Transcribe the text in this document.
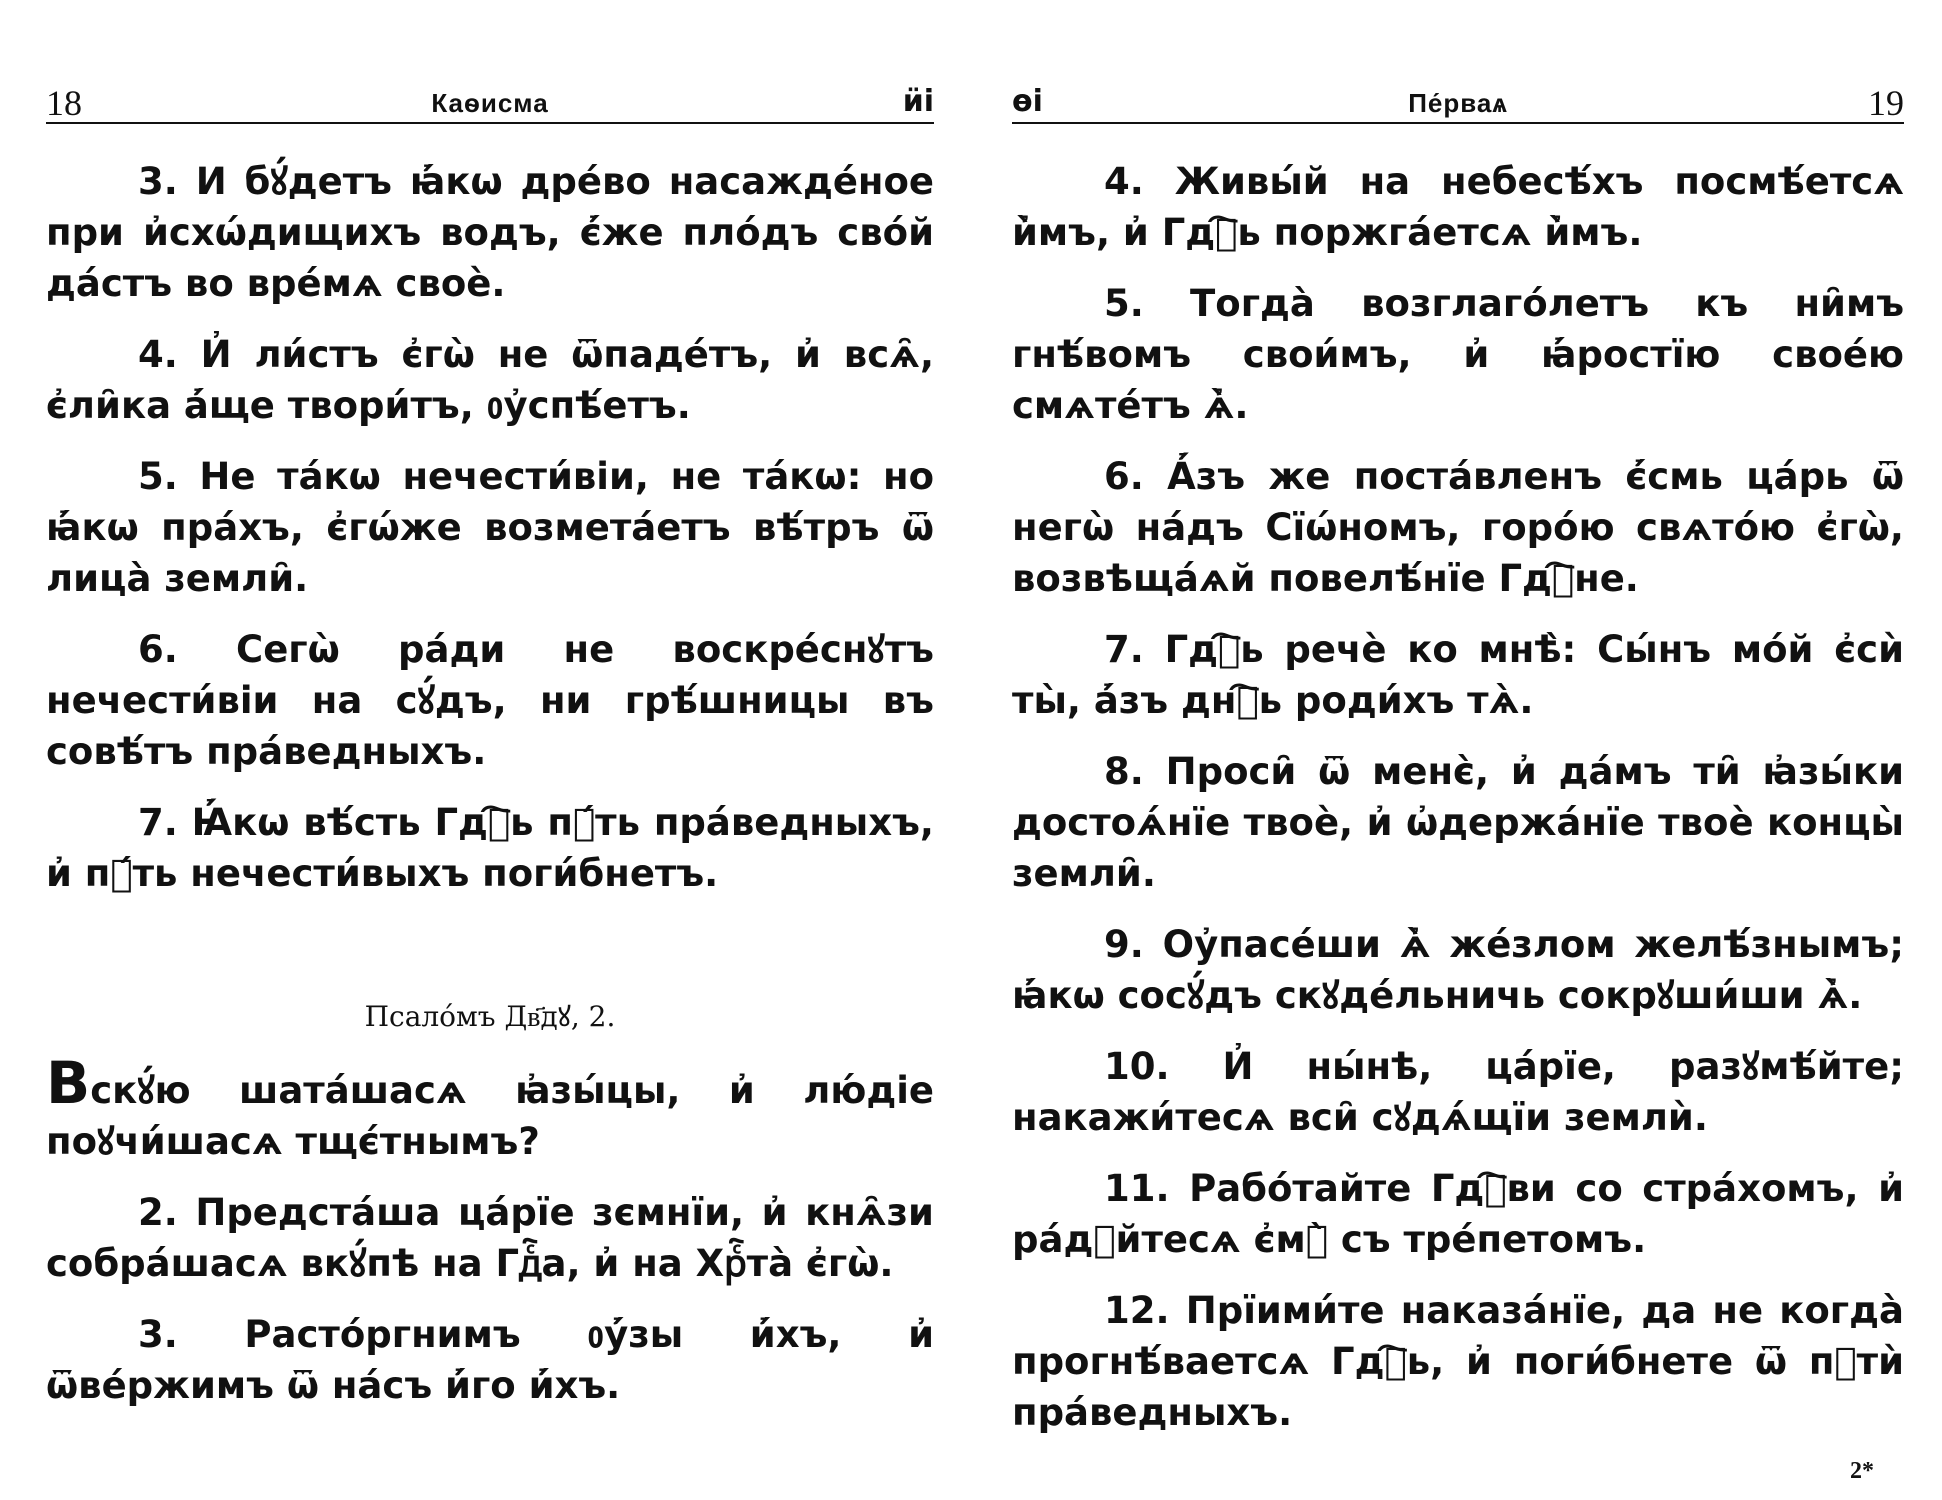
18	Каѳисма	ӥі

3. И бꙋ́детъ ꙗ҆́кѡ дре́во насажде́ное при и҆схѡ́дищихъ водъ, є҆́же пло́дъ сво́й да́стъ во вре́мѧ своѐ.

4. И҆ ли́стъ є҆гѡ̀ не ѿпаде́тъ, и҆ всѧ̑, є҆ли̑ка а҆́ще твори́тъ, ᲂу҆спѣ́етъ.

5. Не та́кѡ нечести́віи, не та́кѡ: но ꙗ҆́кѡ пра́хъ, є҆гѡ́же возмета́етъ вѣ́тръ ѿ лица̀ земли̑.

6. Сегѡ̀ ра́ди не воскре́снꙋтъ нечести́віи на сꙋ́дъ, ни грѣ́шницы въ совѣ́тъ пра́ведныхъ.

7. Ꙗ҆́кѡ вѣ́сть Гдⷭ҇ь пꙋ́ть пра́ведныхъ, и҆ пꙋ́ть нечести́выхъ поги́бнетъ.

Псало́мъ Дв҃дꙋ, 2.

Вскꙋ́ю шата́шасѧ ꙗ҆зы́цы, и҆ лю́діе поꙋчи́шасѧ тщє́тнымъ?

2. Предста́ша ца́рїе зємнїи, и҆ кнѧ̑зи собра́шасѧ вкꙋ́пѣ на Гдⷭ҇а, и҆ на Хрⷭ҇та̀ є҆гѡ̀.

3. Расто́ргнимъ ᲂу҆́зы и҆́хъ, и҆ ѿве́ржимъ ѿ на́съ и҆́го и҆́хъ.

ѳі	Пе́рваѧ	19

4. Живы́й на небесѣ́хъ посмѣ́етсѧ и҆̀мъ, и҆ Гдⷭ҇ь поржга́етсѧ и҆̀мъ.

5. Тогда̀ возглаго́летъ къ ни̑мъ гнѣ́вомъ свои́мъ, и҆ ꙗ҆́ростїю свое́ю смѧте́тъ ѧ҆̀.

6. А҆́зъ же поста́вленъ є҆́смь ца́рь ѿ негѡ̀ на́дъ Сїѡ́номъ, горо́ю свѧто́ю є҆гѡ̀, возвѣща́ѧй повелѣ́нїе Гдⷭ҇не.

7. Гдⷭ҇ь речѐ ко мнѣ̀: Сы́нъ мо́й є҆сѝ ты̀, а҆́зъ днⷭ҇ь роди́хъ тѧ̀.

8. Проси̑ ѿ менє̀, и҆ да́мъ ти̑ ꙗ҆зы́ки достоѧ́нїе твоѐ, и҆ ѡ҆держа́нїе твоѐ концы̀ земли̑.

9. Оу҆пасе́ши ѧ҆̀ же́злом желѣ́знымъ; ꙗ҆́кѡ сосꙋ́дъ скꙋде́льничь сокрꙋши́ши ѧ҆̀.

10. И҆ ны́нѣ, ца́рїе, разꙋмѣ́йте; накажи́тесѧ вси̑ сꙋдѧ́щїи землѝ.

11. Рабо́тайте Гдⷭ҇ви со стра́хомъ, и҆ ра́дꙋйтесѧ є҆мꙋ̀ съ тре́петомъ.

12. Прїими́те наказа́нїе, да не когда̀ прогнѣ́ваетсѧ Гдⷭ҇ь, и҆ поги́бнете ѿ пꙋтѝ пра́ведныхъ.

2*
